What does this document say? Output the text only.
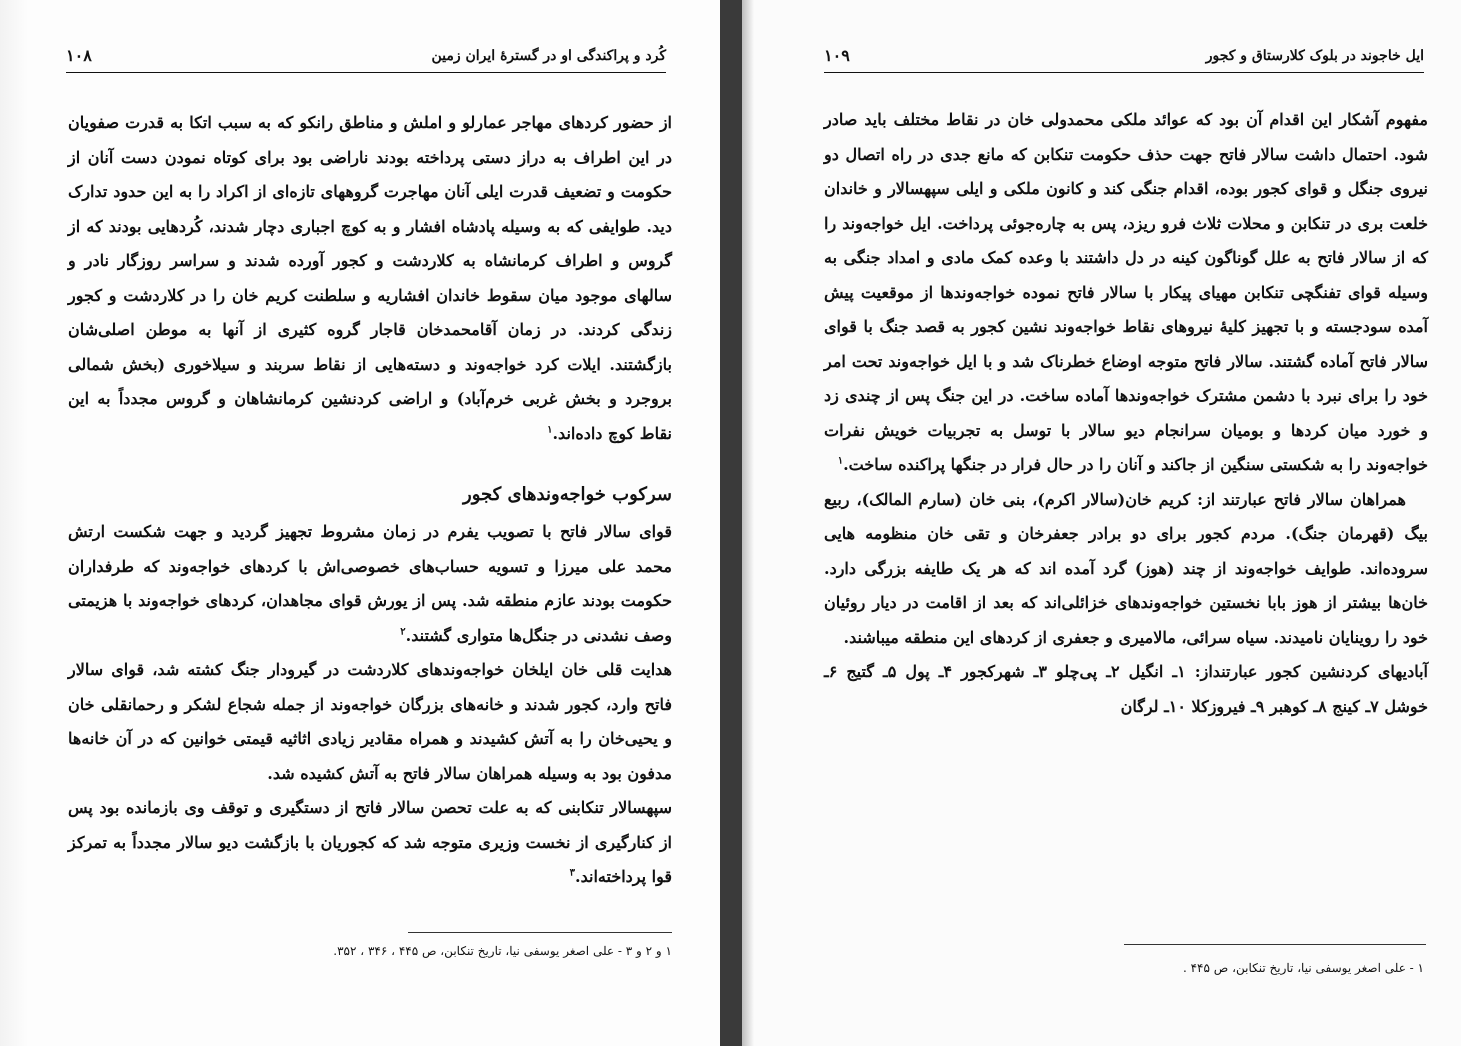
کُرد و پراکندگی او در گسترهٔ ایران زمین
۱۰۸

از حضور کردهای مهاجر عمارلو و املش و مناطق رانکو که به سبب اتکا به قدرت صفویان در این اطراف به دراز دستی پرداخته بودند ناراضی بود برای کوتاه نمودن دست آنان از حکومت و تضعیف قدرت ایلی آنان مهاجرت گروههای تازه‌ای از اکراد را به این حدود تدارک دید. طوایفی که به وسیله پادشاه افشار و به کوچ اجباری دچار شدند، کُردهایی بودند که از گروس و اطراف کرمانشاه به کلاردشت و کجور آورده شدند و سراسر روزگار نادر و سالهای موجود میان سقوط خاندان افشاریه و سلطنت کریم خان را در کلاردشت و کجور زندگی کردند. در زمان آقامحمدخان قاجار گروه کثیری از آنها به موطن اصلی‌شان بازگشتند. ایلات کرد خواجه‌وند و دسته‌هایی از نقاط سربند و سیلاخوری (بخش شمالی بروجرد و بخش غربی خرم‌آباد) و اراضی کردنشین کرمانشاهان و گروس مجدداً به این نقاط کوچ داده‌اند.$^۱$

سرکوب خواجه‌وندهای کجور

قوای سالار فاتح با تصویب یفرم در زمان مشروط تجهیز گردید و جهت شکست ارتش محمد علی میرزا و تسویه حساب‌های خصوصی‌اش با کردهای خواجه‌وند که طرفداران حکومت بودند عازم منطقه شد. پس از یورش قوای مجاهدان، کردهای خواجه‌وند با هزیمتی وصف نشدنی در جنگل‌ها متواری گشتند.$^۲$

هدایت قلی خان ایلخان خواجه‌وندهای کلاردشت در گیرودار جنگ کشته شد، قوای سالار فاتح وارد، کجور شدند و خانه‌های بزرگان خواجه‌وند از جمله شجاع لشکر و رحمانقلی خان و یحیی‌خان را به آتش کشیدند و همراه مقادیر زیادی اثاثیه قیمتی خوانین که در آن خانه‌ها مدفون بود به وسیله همراهان سالار فاتح به آتش کشیده شد.

سپهسالار تنکابنی که به علت تحصن سالار فاتح از دستگیری و توقف وی بازمانده بود پس از کنارگیری از نخست وزیری متوجه شد که کجوریان با بازگشت دیو سالار مجدداً به تمرکز قوا پرداخته‌اند.$^۳$

۱ و ۲ و ۳ - علی اصغر یوسفی نیا، تاریخ تنکابن، ص ۴۴۵ ، ۳۴۶ ، ۳۵۲.
ایل خاجوند در بلوک کلارستاق و کجور
۱۰۹

مفهوم آشکار این اقدام آن بود که عوائد ملکی محمدولی خان در نقاط مختلف باید صادر شود. احتمال داشت سالار فاتح جهت حذف حکومت تنکابن که مانع جدی در راه اتصال دو نیروی جنگل و قوای کجور بوده، اقدام جنگی کند و کانون ملکی و ایلی سپهسالار و خاندان خلعت بری در تنکابن و محلات ثلاث فرو ریزد، پس به چاره‌جوئی پرداخت. ایل خواجه‌وند را که از سالار فاتح به علل گوناگون کینه در دل داشتند با وعده کمک مادی و امداد جنگی به وسیله قوای تفنگچی تنکابن مهیای پیکار با سالار فاتح نموده خواجه‌وندها از موقعیت پیش آمده سودجسته و با تجهیز کلیهٔ نیروهای نقاط خواجه‌وند نشین کجور به قصد جنگ با قوای سالار فاتح آماده گشتند. سالار فاتح متوجه اوضاع خطرناک شد و با ایل خواجه‌وند تحت امر خود را برای نبرد با دشمن مشترک خواجه‌وندها آماده ساخت. در این جنگ پس از چندی زد و خورد میان کردها و بومیان سرانجام دیو سالار با توسل به تجربیات خویش نفرات خواجه‌وند را به شکستی سنگین از جاکند و آنان را در حال فرار در جنگها پراکنده ساخت.$^۱$

همراهان سالار فاتح عبارتند از: کریم خان(سالار اکرم)، بنی خان (سارم المالک)، ربیع بیگ (قهرمان جنگ). مردم کجور برای دو برادر جعفرخان و تقی خان منظومه هایی سروده‌اند. طوایف خواجه‌وند از چند (هوز) گرد آمده اند که هر یک طایفه بزرگی دارد. خان‌ها بیشتر از هوز بابا نخستین خواجه‌وندهای خزائلی‌اند که بعد از اقامت در دیار روئیان خود را روینایان نامیدند. سیاه سرائی، مالامیری و جعفری از کردهای این منطقه میباشند.

آبادیهای کردنشین کجور عبارتنداز: ۱ـ انگیل ۲ـ پی‌چلو ۳ـ شهرکجور ۴ـ پول ۵ـ گتیج ۶ـ خوشل ۷ـ کینج ۸ـ کوهبر ۹ـ فیروزکلا ۱۰ـ لرگان

۱ - علی اصغر یوسفی نیا، تاریخ تنکابن، ص ۴۴۵ .
